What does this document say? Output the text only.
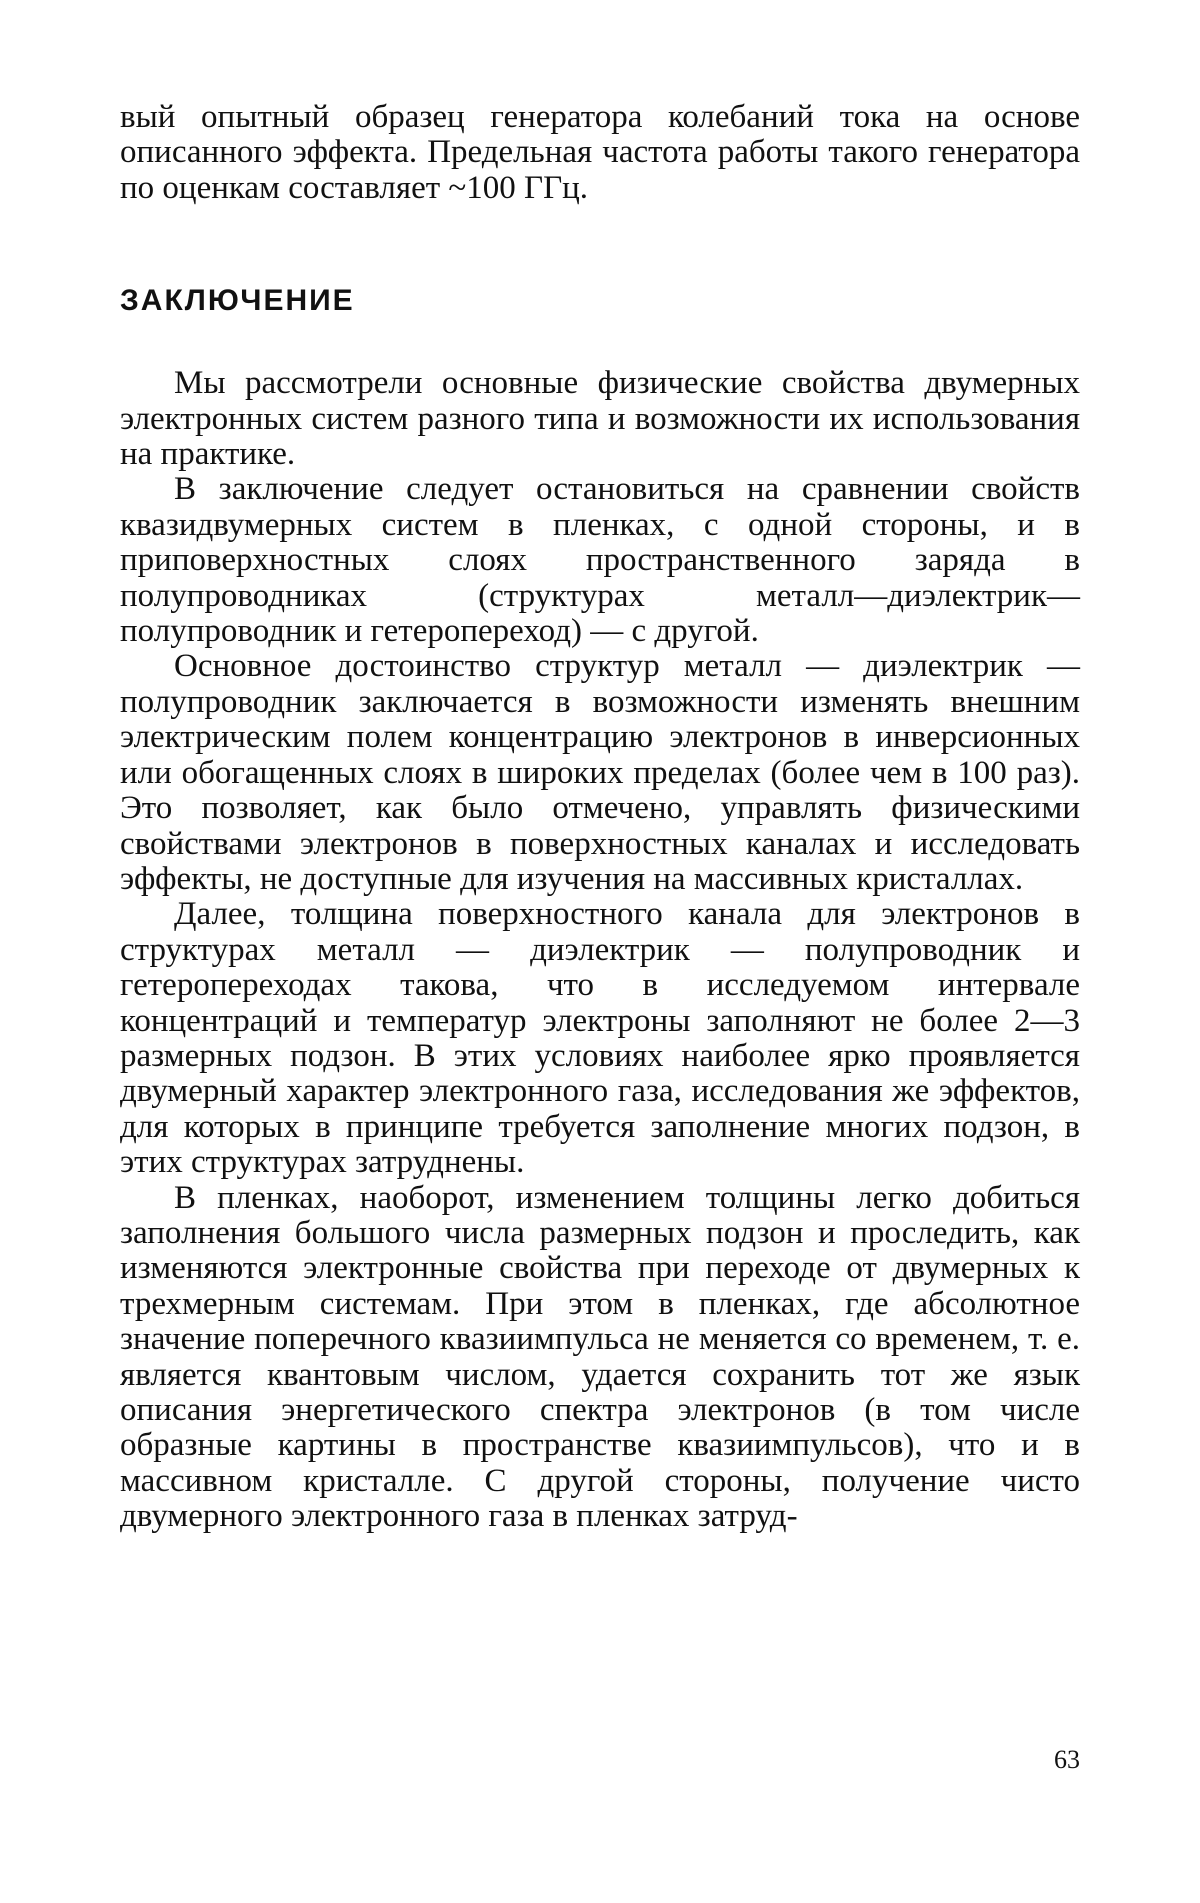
вый опытный образец генератора колебаний тока на основе описанного эффекта. Предельная частота работы такого генератора по оценкам составляет ~100 ГГц.

ЗАКЛЮЧЕНИЕ

Мы рассмотрели основные физические свойства двумерных электронных систем разного типа и возможности их использования на практике.

В заключение следует остановиться на сравнении свойств квазидвумерных систем в пленках, с одной стороны, и в приповерхностных слоях пространственного заряда в полупроводниках (структурах металл—диэлектрик—полупроводник и гетеропереход) — с другой.

Основное достоинство структур металл — диэлектрик — полупроводник заключается в возможности изменять внешним электрическим полем концентрацию электронов в инверсионных или обогащенных слоях в широких пределах (более чем в 100 раз). Это позволяет, как было отмечено, управлять физическими свойствами электронов в поверхностных каналах и исследовать эффекты, не доступные для изучения на массивных кристаллах.

Далее, толщина поверхностного канала для электронов в структурах металл — диэлектрик — полупроводник и гетеропереходах такова, что в исследуемом интервале концентраций и температур электроны заполняют не более 2—3 размерных подзон. В этих условиях наиболее ярко проявляется двумерный характер электронного газа, исследования же эффектов, для которых в принципе требуется заполнение многих подзон, в этих структурах затруднены.

В пленках, наоборот, изменением толщины легко добиться заполнения большого числа размерных подзон и проследить, как изменяются электронные свойства при переходе от двумерных к трехмерным системам. При этом в пленках, где абсолютное значение поперечного квазиимпульса не меняется со временем, т. е. является квантовым числом, удается сохранить тот же язык описания энергетического спектра электронов (в том числе образные картины в пространстве квазиимпульсов), что и в массивном кристалле. С другой стороны, получение чисто двумерного электронного газа в пленках затруд-

63
